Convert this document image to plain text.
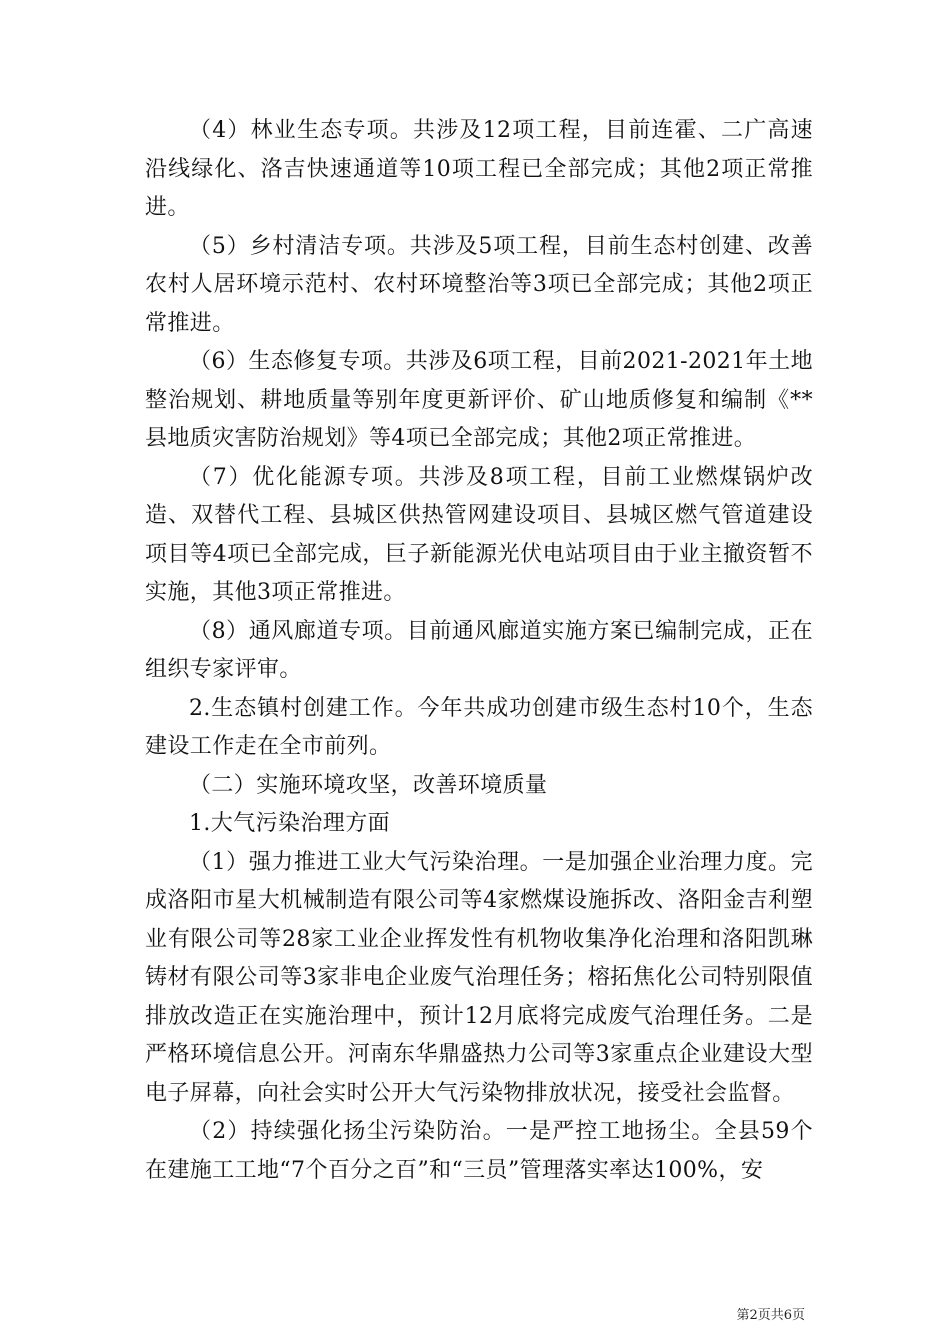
（4）林业生态专项。共涉及12项工程，目前连霍、二广高速沿线绿化、洛吉快速通道等10项工程已全部完成；其他2项正常推进。

（5）乡村清洁专项。共涉及5项工程，目前生态村创建、改善农村人居环境示范村、农村环境整治等3项已全部完成；其他2项正常推进。

（6）生态修复专项。共涉及6项工程，目前2021-2021年土地整治规划、耕地质量等别年度更新评价、矿山地质修复和编制《**县地质灾害防治规划》等4项已全部完成；其他2项正常推进。

（7）优化能源专项。共涉及8项工程，目前工业燃煤锅炉改造、双替代工程、县城区供热管网建设项目、县城区燃气管道建设项目等4项已全部完成，巨子新能源光伏电站项目由于业主撤资暂不实施，其他3项正常推进。

（8）通风廊道专项。目前通风廊道实施方案已编制完成，正在组织专家评审。

2.生态镇村创建工作。今年共成功创建市级生态村10个，生态建设工作走在全市前列。

（二）实施环境攻坚，改善环境质量

1.大气污染治理方面

（1）强力推进工业大气污染治理。一是加强企业治理力度。完成洛阳市星大机械制造有限公司等4家燃煤设施拆改、洛阳金吉利塑业有限公司等28家工业企业挥发性有机物收集净化治理和洛阳凯琳铸材有限公司等3家非电企业废气治理任务；榕拓焦化公司特别限值排放改造正在实施治理中，预计12月底将完成废气治理任务。二是严格环境信息公开。河南东华鼎盛热力公司等3家重点企业建设大型电子屏幕，向社会实时公开大气污染物排放状况，接受社会监督。

（2）持续强化扬尘污染防治。一是严控工地扬尘。全县59个在建施工工地“7个百分之百”和“三员”管理落实率达100%，安

第2页共6页
